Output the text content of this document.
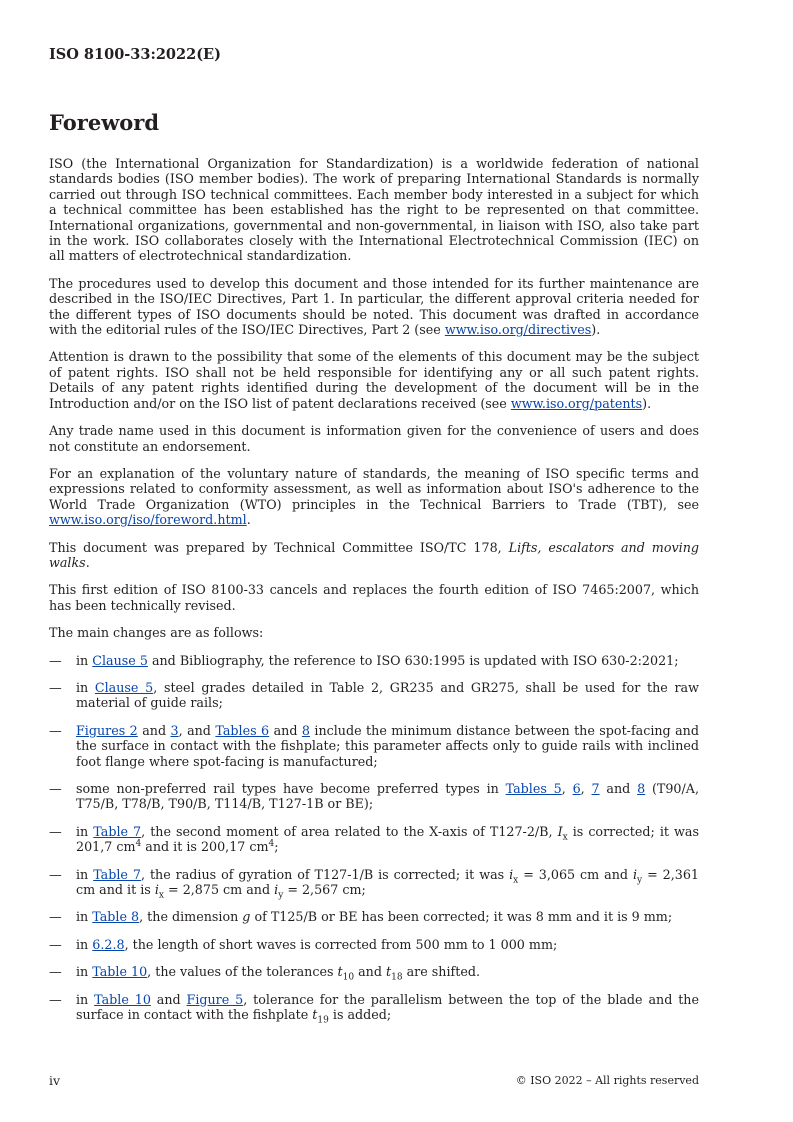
ISO 8100-33:2022(E)
Foreword

ISO (the International Organization for Standardization) is a worldwide federation of national standards bodies (ISO member bodies). The work of preparing International Standards is normally carried out through ISO technical committees. Each member body interested in a subject for which a technical committee has been established has the right to be represented on that committee. International organizations, governmental and non-governmental, in liaison with ISO, also take part in the work. ISO collaborates closely with the International Electrotechnical Commission (IEC) on all matters of electrotechnical standardization.

The procedures used to develop this document and those intended for its further maintenance are described in the ISO/IEC Directives, Part 1. In particular, the different approval criteria needed for the different types of ISO documents should be noted. This document was drafted in accordance with the editorial rules of the ISO/IEC Directives, Part 2 (see www.iso.org/directives).

Attention is drawn to the possibility that some of the elements of this document may be the subject of patent rights. ISO shall not be held responsible for identifying any or all such patent rights. Details of any patent rights identified during the development of the document will be in the Introduction and/or on the ISO list of patent declarations received (see www.iso.org/patents).

Any trade name used in this document is information given for the convenience of users and does not constitute an endorsement.

For an explanation of the voluntary nature of standards, the meaning of ISO specific terms and expressions related to conformity assessment, as well as information about ISO's adherence to the World Trade Organization (WTO) principles in the Technical Barriers to Trade (TBT), see www.iso.org/iso/foreword.html.

This document was prepared by Technical Committee ISO/TC 178, Lifts, escalators and moving walks.

This first edition of ISO 8100-33 cancels and replaces the fourth edition of ISO 7465:2007, which has been technically revised.

The main changes are as follows:

— in Clause 5 and Bibliography, the reference to ISO 630:1995 is updated with ISO 630-2:2021;
— in Clause 5, steel grades detailed in Table 2, GR235 and GR275, shall be used for the raw material of guide rails;
— Figures 2 and 3, and Tables 6 and 8 include the minimum distance between the spot-facing and the surface in contact with the fishplate; this parameter affects only to guide rails with inclined foot flange where spot-facing is manufactured;
— some non-preferred rail types have become preferred types in Tables 5, 6, 7 and 8 (T90/A, T75/B, T78/B, T90/B, T114/B, T127-1B or BE);
— in Table 7, the second moment of area related to the X-axis of T127-2/B, $I_x$ is corrected; it was 201,7 $cm^4$ and it is 200,17 $cm^4$;
— in Table 7, the radius of gyration of T127-1/B is corrected; it was $i_x = 3,065$ cm and $i_y = 2,361$ cm and it is $i_x = 2,875$ cm and $i_y = 2,567$ cm;
— in Table 8, the dimension g of T125/B or BE has been corrected; it was 8 mm and it is 9 mm;
— in 6.2.8, the length of short waves is corrected from 500 mm to 1 000 mm;
— in Table 10, the values of the tolerances $t_{10}$ and $t_{18}$ are shifted.
— in Table 10 and Figure 5, tolerance for the parallelism between the top of the blade and the surface in contact with the fishplate $t_{19}$ is added;
iv	© ISO 2022 – All rights reserved
